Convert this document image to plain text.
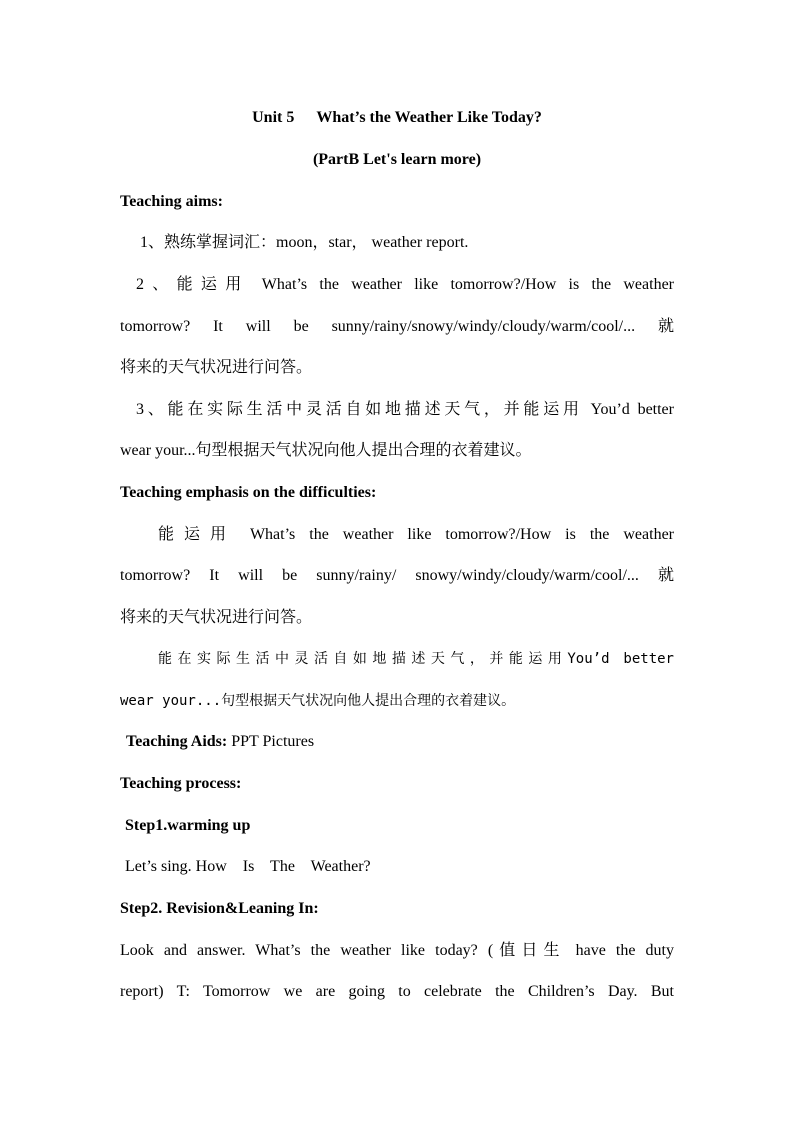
Unit 5 What’s the Weather Like Today?
(PartB Let's learn more)
Teaching aims:
1、熟练掌握词汇：moon，star， weather report.
2、能运用 What’s the weather like tomorrow?/How is the weather
tomorrow? It will be sunny/rainy/snowy/windy/cloudy/warm/cool/... 就
将来的天气状况进行问答。
3、能在实际生活中灵活自如地描述天气，并能运用 You’d better
wear your...句型根据天气状况向他人提出合理的衣着建议。
Teaching emphasis on the difficulties:
能运用 What’s the weather like tomorrow?/How is the weather
tomorrow? It will be sunny/rainy/ snowy/windy/cloudy/warm/cool/... 就
将来的天气状况进行问答。
能在实际生活中灵活自如地描述天气，并能运用You’d better
wear your...句型根据天气状况向他人提出合理的衣着建议。
Teaching Aids: PPT Pictures
Teaching process:
Step1.warming up
Let’s sing. How    Is    The    Weather?
Step2. Revision&Leaning In:
Look and answer. What’s the weather like today? (值日生 have the duty
report) T: Tomorrow we are going to celebrate the Children’s Day. But
